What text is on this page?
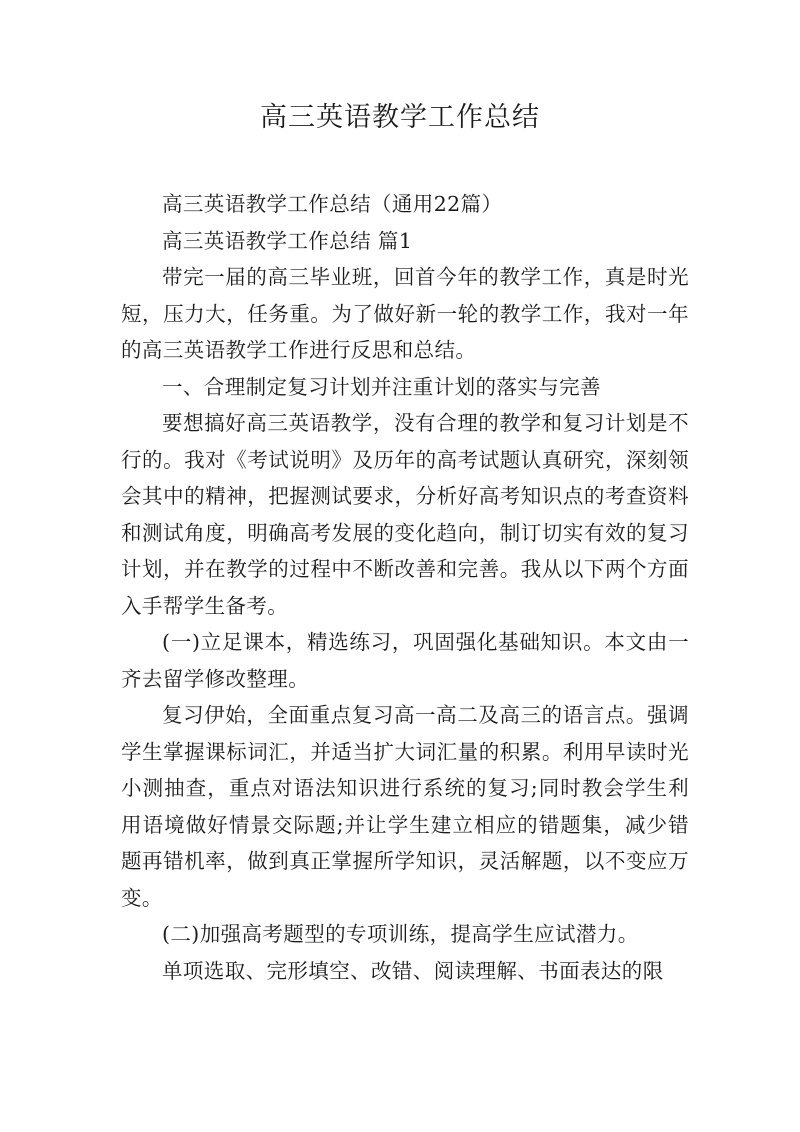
高三英语教学工作总结

高三英语教学工作总结（通用22篇）

高三英语教学工作总结 篇1

带完一届的高三毕业班，回首今年的教学工作，真是时光短，压力大，任务重。为了做好新一轮的教学工作，我对一年的高三英语教学工作进行反思和总结。

一、合理制定复习计划并注重计划的落实与完善

要想搞好高三英语教学，没有合理的教学和复习计划是不行的。我对《考试说明》及历年的高考试题认真研究，深刻领会其中的精神，把握测试要求，分析好高考知识点的考查资料和测试角度，明确高考发展的变化趋向，制订切实有效的复习计划，并在教学的过程中不断改善和完善。我从以下两个方面入手帮学生备考。

(一)立足课本，精选练习，巩固强化基础知识。本文由一齐去留学修改整理。

复习伊始，全面重点复习高一高二及高三的语言点。强调学生掌握课标词汇，并适当扩大词汇量的积累。利用早读时光小测抽查，重点对语法知识进行系统的复习;同时教会学生利用语境做好情景交际题;并让学生建立相应的错题集，减少错题再错机率，做到真正掌握所学知识，灵活解题，以不变应万变。

(二)加强高考题型的专项训练，提高学生应试潜力。

单项选取、完形填空、改错、阅读理解、书面表达的限
